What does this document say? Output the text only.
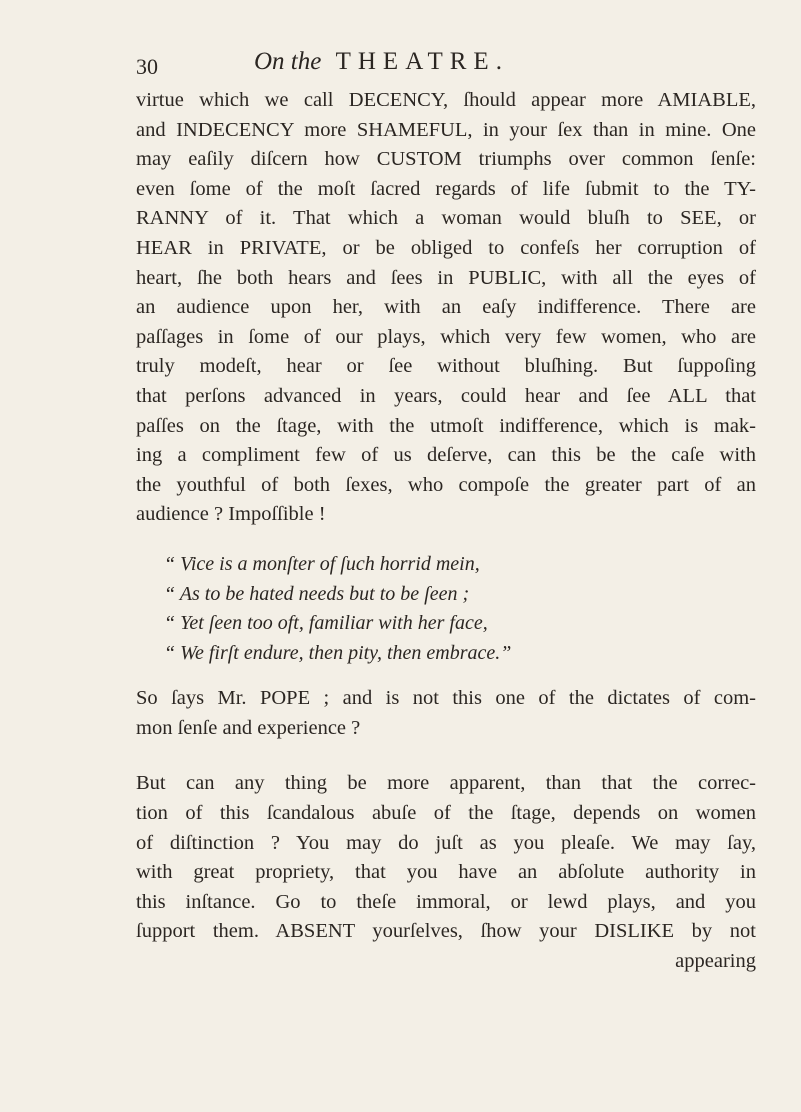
30	On the THEATRE.
virtue which we call DECENCY, ſhould appear more AMIABLE,
and INDECENCY more SHAMEFUL, in your ſex than in mine. One
may eaſily diſcern how CUSTOM triumphs over common ſenſe:
even ſome of the moſt ſacred regards of life ſubmit to the TY-
RANNY of it. That which a woman would bluſh to SEE, or
HEAR in PRIVATE, or be obliged to confeſs her corruption of
heart, ſhe both hears and ſees in PUBLIC, with all the eyes of
an audience upon her, with an eaſy indifference. There are
paſſages in ſome of our plays, which very few women, who are
truly modeſt, hear or ſee without bluſhing. But ſuppoſing
that perſons advanced in years, could hear and ſee ALL that
paſſes on the ſtage, with the utmoſt indifference, which is mak-
ing a compliment few of us deſerve, can this be the caſe with
the youthful of both ſexes, who compoſe the greater part of an
audience ? Impoſſible !
“ Vice is a monſter of ſuch horrid mein,
“ As to be hated needs but to be ſeen ;
“ Yet ſeen too oft, familiar with her face,
“ We firſt endure, then pity, then embrace.”
So ſays Mr. POPE ; and is not this one of the dictates of com-
mon ſenſe and experience ?
But can any thing be more apparent, than that the correc-
tion of this ſcandalous abuſe of the ſtage, depends on women
of diſtinction ? You may do juſt as you pleaſe. We may ſay,
with great propriety, that you have an abſolute authority in
this inſtance. Go to theſe immoral, or lewd plays, and you
ſupport them. ABSENT yourſelves, ſhow your DISLIKE by not
appearing
